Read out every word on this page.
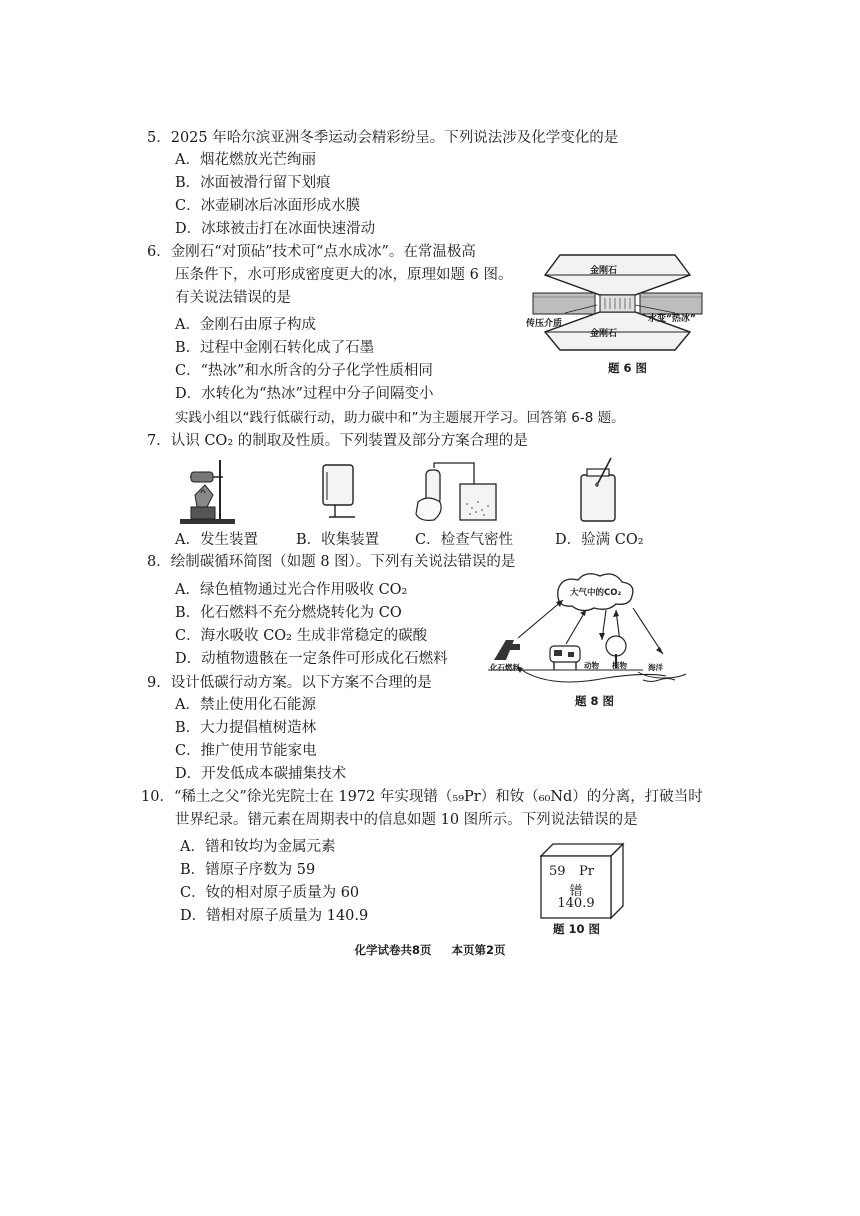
5．2025 年哈尔滨亚洲冬季运动会精彩纷呈。下列说法涉及化学变化的是
A．烟花燃放光芒绚丽
B．冰面被滑行留下划痕
C．冰壶刷冰后冰面形成水膜
D．冰球被击打在冰面快速滑动
6．金刚石“对顶砧”技术可“点水成冰”。在常温极高
压条件下，水可形成密度更大的冰，原理如题 6 图。
有关说法错误的是
A．金刚石由原子构成
B．过程中金刚石转化成了石墨
C．“热冰”和水所含的分子化学性质相同
D．水转化为“热冰”过程中分子间隔变小
金刚石
金刚石
传压介质	水变“热冰”
题 6 图
实践小组以“践行低碳行动，助力碳中和”为主题展开学习。回答第 6-8 题。
7．认识 CO₂ 的制取及性质。下列装置及部分方案合理的是
A．发生装置	B．收集装置 C．检查气密性	D．验满 CO₂
8．绘制碳循环简图（如题 8 图）。下列有关说法错误的是
A．绿色植物通过光合作用吸收 CO₂
B．化石燃料不充分燃烧转化为 CO
C．海水吸收 CO₂ 生成非常稳定的碳酸
D．动植物遗骸在一定条件可形成化石燃料
大气中的CO₂
化石燃料	动物 植物	海洋
题 8 图
9．设计低碳行动方案。以下方案不合理的是
A．禁止使用化石能源
B．大力提倡植树造林
C．推广使用节能家电
D．开发低成本碳捕集技术
10．“稀土之父”徐光宪院士在 1972 年实现镨（₅₉Pr）和钕（₆₀Nd）的分离，打破当时
世界纪录。镨元素在周期表中的信息如题 10 图所示。下列说法错误的是
A．镨和钕均为金属元素
B．镨原子序数为 59
C．钕的相对原子质量为 60
D．镨相对原子质量为 140.9
59	Pr
镨
140.9
题 10 图
化学试卷共8页 本页第2页
